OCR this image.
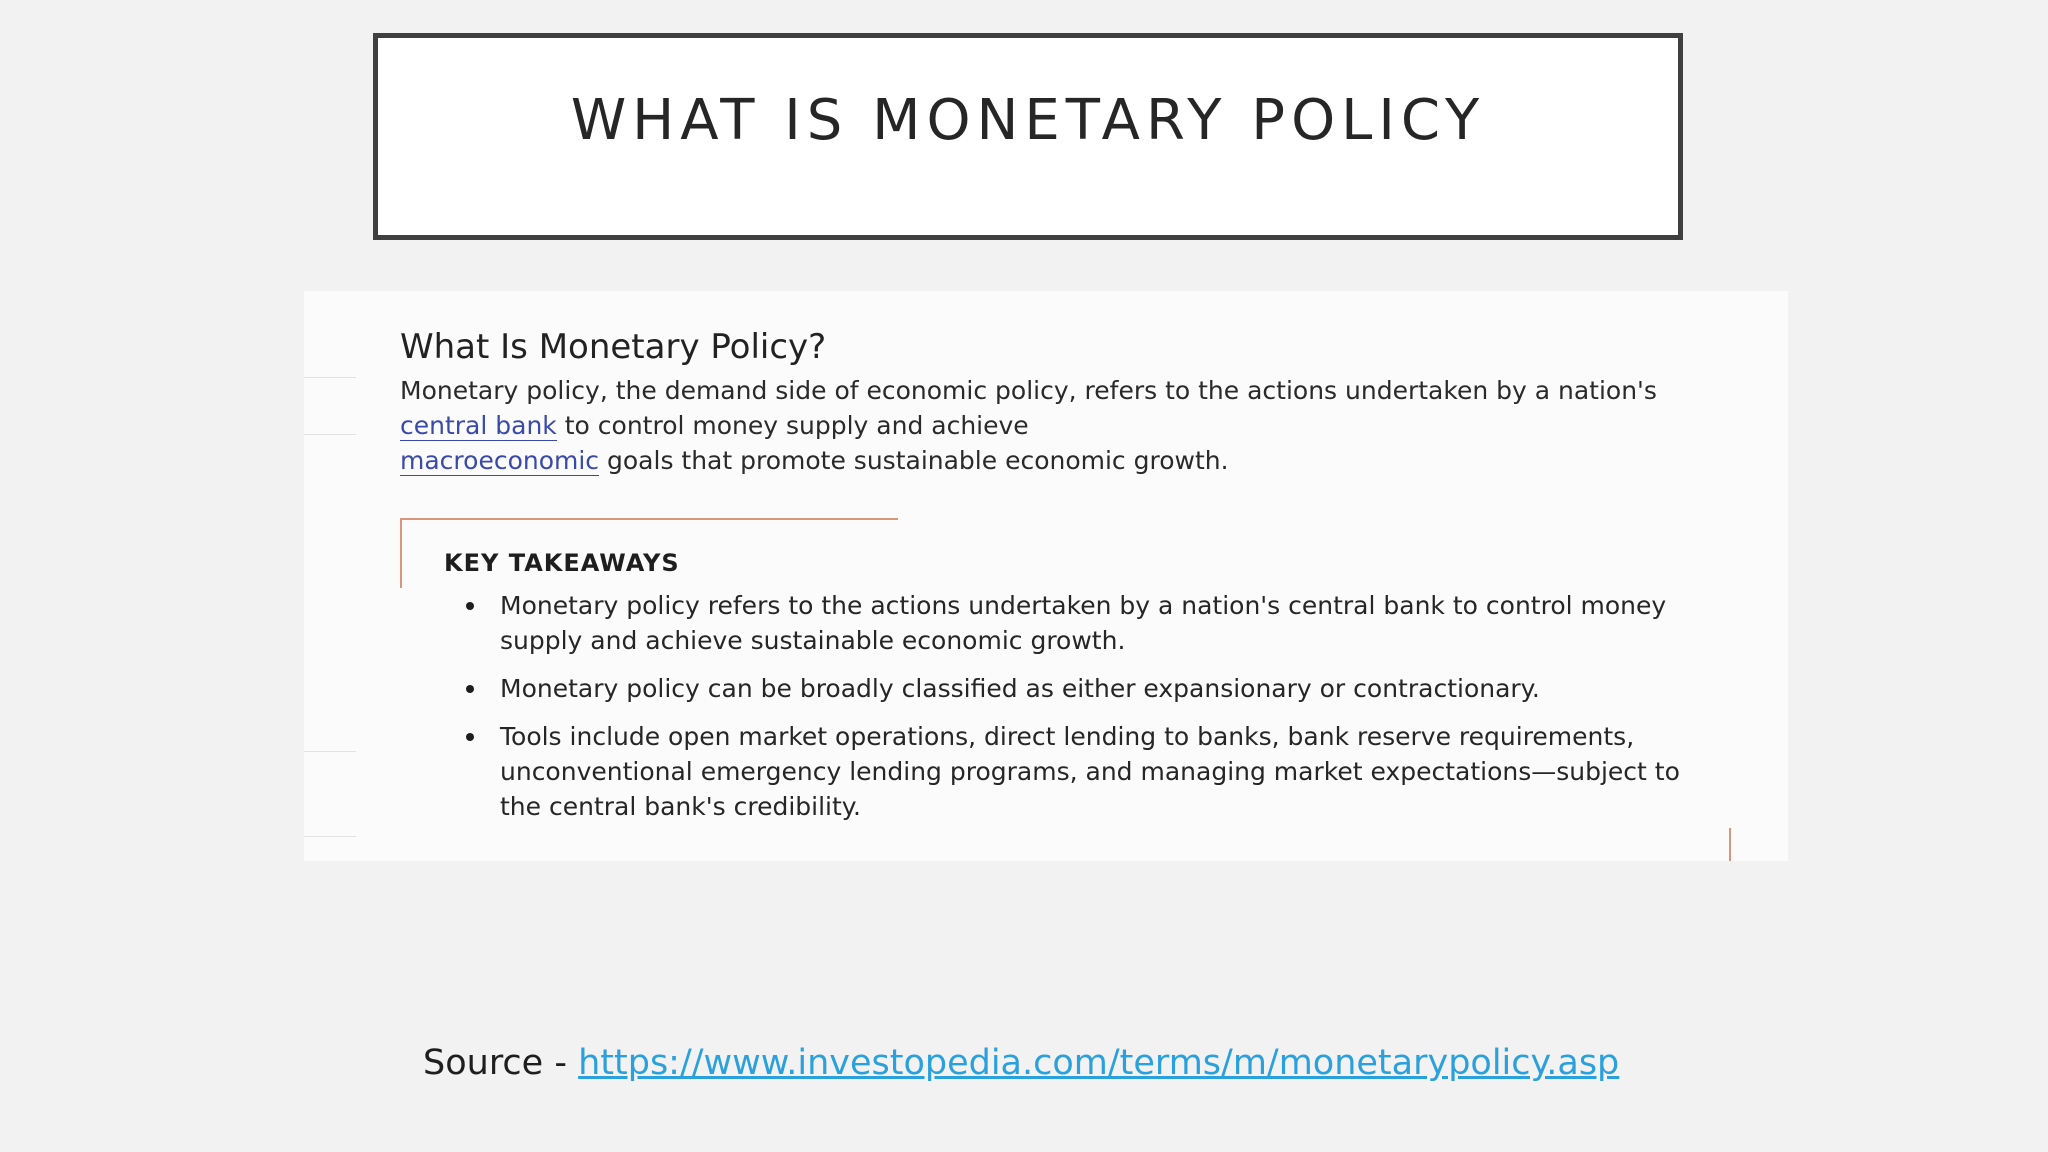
WHAT IS MONETARY POLICY
What Is Monetary Policy?

Monetary policy, the demand side of economic policy, refers to the actions undertaken by a nation's central bank to control money supply and achieve
macroeconomic goals that promote sustainable economic growth.

KEY TAKEAWAYS
Monetary policy refers to the actions undertaken by a nation's central bank to control money supply and achieve sustainable economic growth.
Monetary policy can be broadly classified as either expansionary or contractionary.
Tools include open market operations, direct lending to banks, bank reserve requirements, unconventional emergency lending programs, and managing market expectations—subject to the central bank's credibility.
Source - https://www.investopedia.com/terms/m/monetarypolicy.asp
